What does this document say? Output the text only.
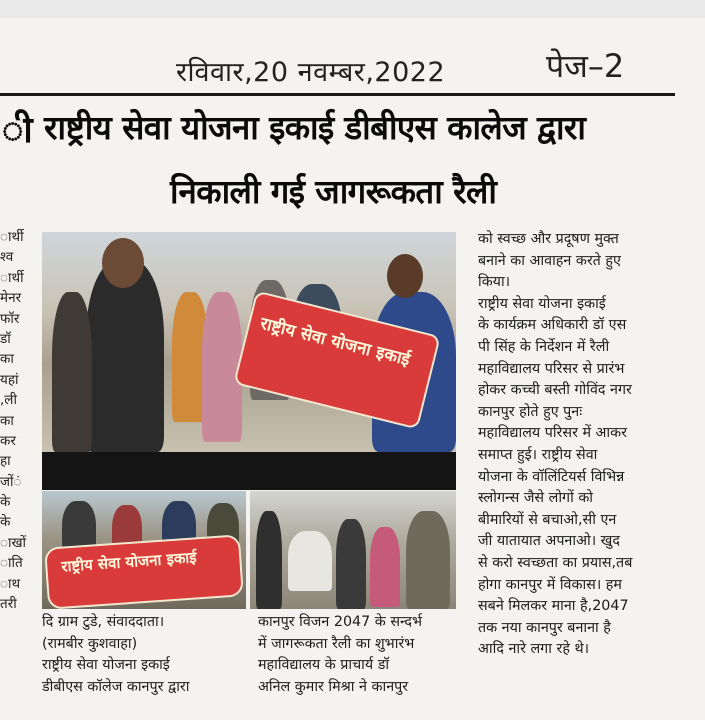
रविवार,20 नवम्बर,2022	पेज–2
ी राष्ट्रीय सेवा योजना इकाई डीबीएस कालेज द्वारा
निकाली गई जागरूकता रैली
ार्थी
श्व
ार्थी
मेनर
फॉर
डॉ
का
यहां
ली,
का
कर
हा
ंजों
के
के
ाखों
ाति
ाथ
तरी
राष्ट्रीय सेवा योजना इकाई
राष्ट्रीय सेवा योजना इकाई
को स्वच्छ और प्रदूषण मुक्त
बनाने का आवाहन करते हुए
किया।
राष्ट्रीय सेवा योजना इकाई
के कार्यक्रम अधिकारी डॉ एस
पी सिंह के निर्देशन में रैली
महाविद्यालय परिसर से प्रारंभ
होकर कच्ची बस्ती गोविंद नगर
कानपुर होते हुए पुनः
महाविद्यालय परिसर में आकर
समाप्त हुई। राष्ट्रीय सेवा
योजना के वॉलिंटियर्स विभिन्न
स्लोगन्स जैसे लोगों को
बीमारियों से बचाओ,सी एन
जी यातायात अपनाओ। खुद
से करो स्वच्छता का प्रयास,तब
होगा कानपुर में विकास। हम
सबने मिलकर माना है,2047
तक नया कानपुर बनाना है
आदि नारे लगा रहे थे।
दि ग्राम टुडे, संवाददाता।
(रामबीर कुशवाहा)
राष्ट्रीय सेवा योजना इकाई
डीबीएस कॉलेज कानपुर द्वारा
कानपुर विजन 2047 के सन्दर्भ
में जागरूकता रैली का शुभारंभ
महाविद्यालय के प्राचार्य डॉ
अनिल कुमार मिश्रा ने कानपुर
